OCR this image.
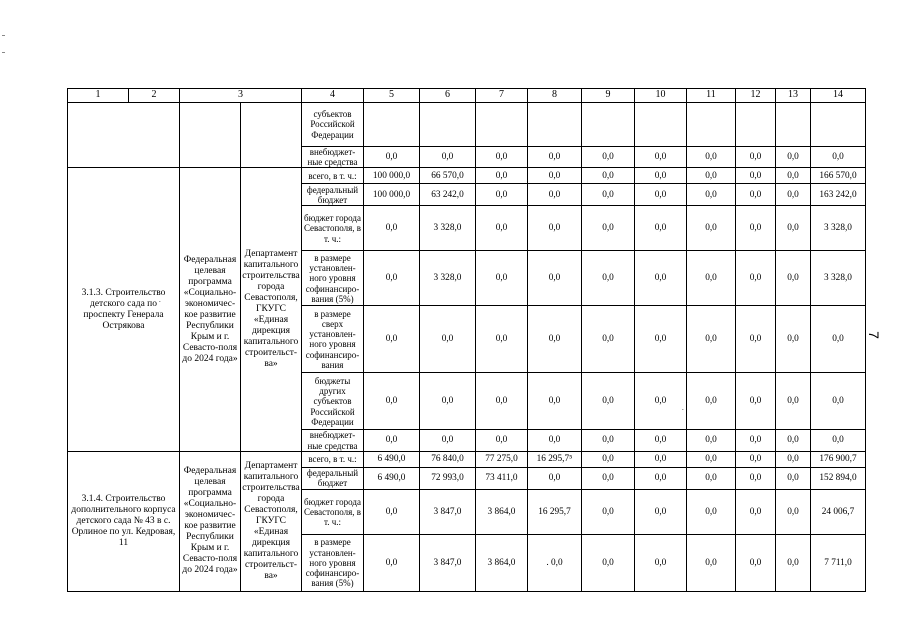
1	2	3		4	5	6	7	8	9	10	11	12	13	14
				субъектов Российской Федерации										
				внебюджет-ные средства	0,0	0,0	0,0	0,0	0,0	0,0	0,0	0,0	0,0	0,0
3.1.3. Строительство детского сада по проспекту Генерала Острякова		Федеральная целевая программа «Социально-экономичес-кое развитие Республики Крым и г. Севасто-поля до 2024 года»	Департамент капитального строительства города Севастополя, ГКУГС «Единая дирекция капитального строительст-ва»	всего, в т. ч.:	100 000,0	66 570,0	0,0	0,0	0,0	0,0	0,0	0,0	0,0	166 570,0
				федеральный бюджет	100 000,0	63 242,0	0,0	0,0	0,0	0,0	0,0	0,0	0,0	163 242,0
				бюджет города Севастополя, в т. ч.:	0,0	3 328,0	0,0	0,0	0,0	0,0	0,0	0,0	0,0	3 328,0
				в размере установлен-ного уровня софинансиро-вания (5%)	0,0	3 328,0	0,0	0,0	0,0	0,0	0,0	0,0	0,0	3 328,0
				в размере сверх установлен-ного уровня софинансиро-вания	0,0	0,0	0,0	0,0	0,0	0,0	0,0	0,0	0,0	0,0
				бюджеты других субъектов Российской Федерации	0,0	0,0	0,0	0,0	0,0	0,0	0,0	0,0	0,0	0,0
				внебюджет-ные средства	0,0	0,0	0,0	0,0	0,0	0,0	0,0	0,0	0,0	0,0
3.1.4. Строительство дополнительного корпуса детского сада № 43 в с. Орлиное по ул. Кедровая, 11		Федеральная целевая программа «Социально-экономичес-кое развитие Республики Крым и г. Севасто-поля до 2024 года»	Департамент капитального строительства города Севастополя, ГКУГС «Единая дирекция капитального строительст-ва»	всего, в т. ч.:	6 490,0	76 840,0	77 275,0	16 295,7⁵	0,0	0,0	0,0	0,0	0,0	176 900,7
				федеральный бюджет	6 490,0	72 993,0	73 411,0	0,0	0,0	0,0	0,0	0,0	0,0	152 894,0
				бюджет города Севастополя, в т. ч.:	0,0	3 847,0	3 864,0	16 295,7	0,0	0,0	0,0	0,0	0,0	24 006,7
				в размере установлен-ного уровня софинансиро-вания (5%)	0,0	3 847,0	3 864,0	. 0,0	0,0	0,0	0,0	0,0	0,0	7 711,0
7
.
.
